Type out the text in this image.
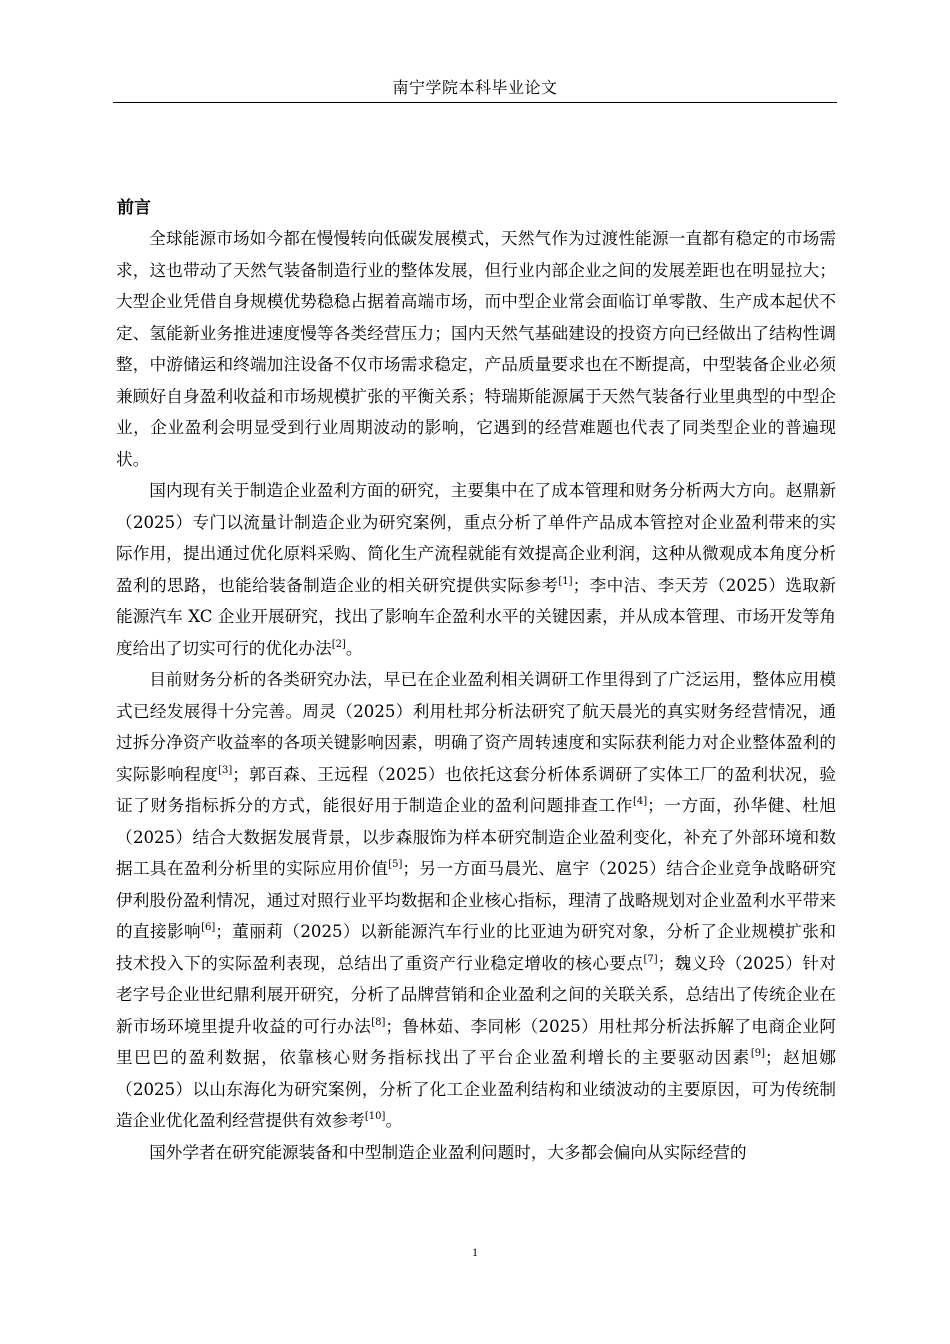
南宁学院本科毕业论文
前言

全球能源市场如今都在慢慢转向低碳发展模式，天然气作为过渡性能源一直都有稳定的市场需求，这也带动了天然气装备制造行业的整体发展，但行业内部企业之间的发展差距也在明显拉大；大型企业凭借自身规模优势稳稳占据着高端市场，而中型企业常会面临订单零散、生产成本起伏不定、氢能新业务推进速度慢等各类经营压力；国内天然气基础建设的投资方向已经做出了结构性调整，中游储运和终端加注设备不仅市场需求稳定，产品质量要求也在不断提高，中型装备企业必须兼顾好自身盈利收益和市场规模扩张的平衡关系；特瑞斯能源属于天然气装备行业里典型的中型企业，企业盈利会明显受到行业周期波动的影响，它遇到的经营难题也代表了同类型企业的普遍现状。

国内现有关于制造企业盈利方面的研究，主要集中在了成本管理和财务分析两大方向。赵鼎新（2025）专门以流量计制造企业为研究案例，重点分析了单件产品成本管控对企业盈利带来的实际作用，提出通过优化原料采购、简化生产流程就能有效提高企业利润，这种从微观成本角度分析盈利的思路，也能给装备制造企业的相关研究提供实际参考[1]；李中洁、李天芳（2025）选取新能源汽车 XC 企业开展研究，找出了影响车企盈利水平的关键因素，并从成本管理、市场开发等角度给出了切实可行的优化办法[2]。

目前财务分析的各类研究办法，早已在企业盈利相关调研工作里得到了广泛运用，整体应用模式已经发展得十分完善。周灵（2025）利用杜邦分析法研究了航天晨光的真实财务经营情况，通过拆分净资产收益率的各项关键影响因素，明确了资产周转速度和实际获利能力对企业整体盈利的实际影响程度[3]；郭百森、王远程（2025）也依托这套分析体系调研了实体工厂的盈利状况，验证了财务指标拆分的方式，能很好用于制造企业的盈利问题排查工作[4]；一方面，孙华健、杜旭（2025）结合大数据发展背景，以步森服饰为样本研究制造企业盈利变化，补充了外部环境和数据工具在盈利分析里的实际应用价值[5]；另一方面马晨光、扈宇（2025）结合企业竞争战略研究伊利股份盈利情况，通过对照行业平均数据和企业核心指标，理清了战略规划对企业盈利水平带来的直接影响[6]；董丽莉（2025）以新能源汽车行业的比亚迪为研究对象，分析了企业规模扩张和技术投入下的实际盈利表现，总结出了重资产行业稳定增收的核心要点[7]；魏义玲（2025）针对老字号企业世纪鼎利展开研究，分析了品牌营销和企业盈利之间的关联关系，总结出了传统企业在新市场环境里提升收益的可行办法[8]；鲁林茹、李同彬（2025）用杜邦分析法拆解了电商企业阿里巴巴的盈利数据，依靠核心财务指标找出了平台企业盈利增长的主要驱动因素[9]；赵旭娜（2025）以山东海化为研究案例，分析了化工企业盈利结构和业绩波动的主要原因，可为传统制造企业优化盈利经营提供有效参考[10]。

国外学者在研究能源装备和中型制造企业盈利问题时，大多都会偏向从实际经营的

1
